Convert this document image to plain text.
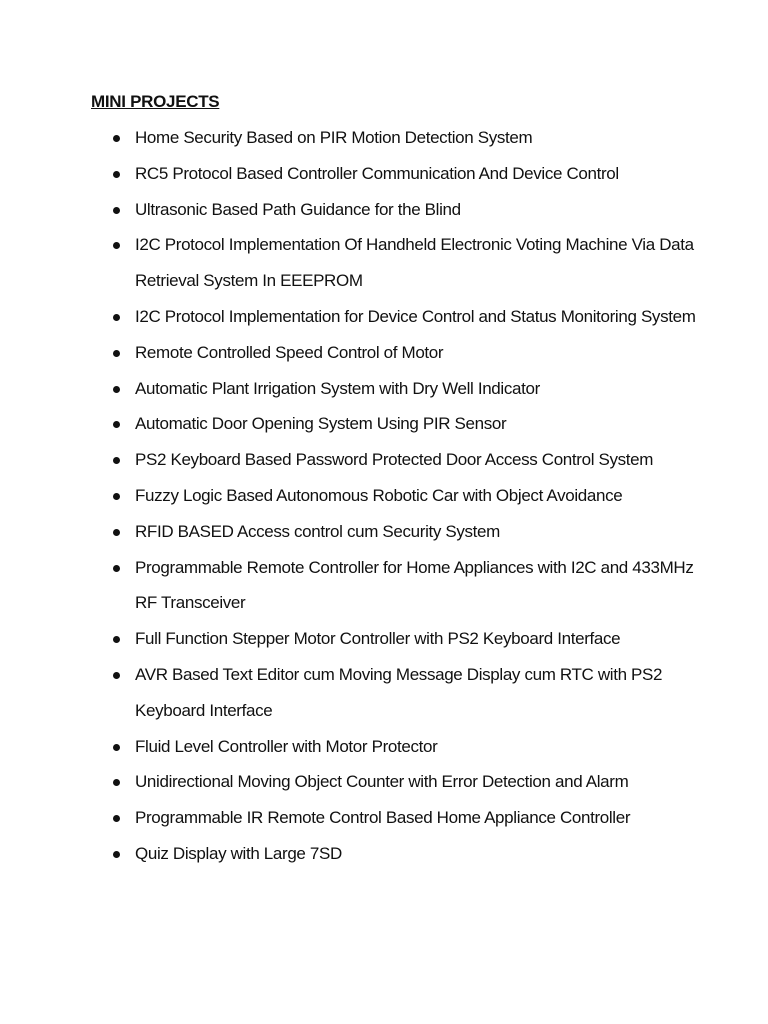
MINI PROJECTS
Home Security Based on PIR Motion Detection System
RC5 Protocol Based Controller Communication And Device Control
Ultrasonic Based Path Guidance for the Blind
I2C Protocol Implementation Of Handheld Electronic Voting Machine Via Data Retrieval System In EEEPROM
I2C Protocol Implementation for Device Control and Status Monitoring System
Remote Controlled Speed Control of Motor
Automatic Plant Irrigation System with Dry Well Indicator
Automatic Door Opening System Using PIR Sensor
PS2 Keyboard Based Password Protected Door Access Control System
Fuzzy Logic Based Autonomous Robotic Car with Object Avoidance
RFID BASED Access control cum Security System
Programmable Remote Controller for Home Appliances with I2C and 433MHz RF Transceiver
Full Function Stepper Motor Controller with PS2 Keyboard Interface
AVR Based Text Editor cum Moving Message Display cum RTC with PS2 Keyboard Interface
Fluid Level Controller with Motor Protector
Unidirectional Moving Object Counter with Error Detection and Alarm
Programmable IR Remote Control Based Home Appliance Controller
Quiz Display with Large 7SD
